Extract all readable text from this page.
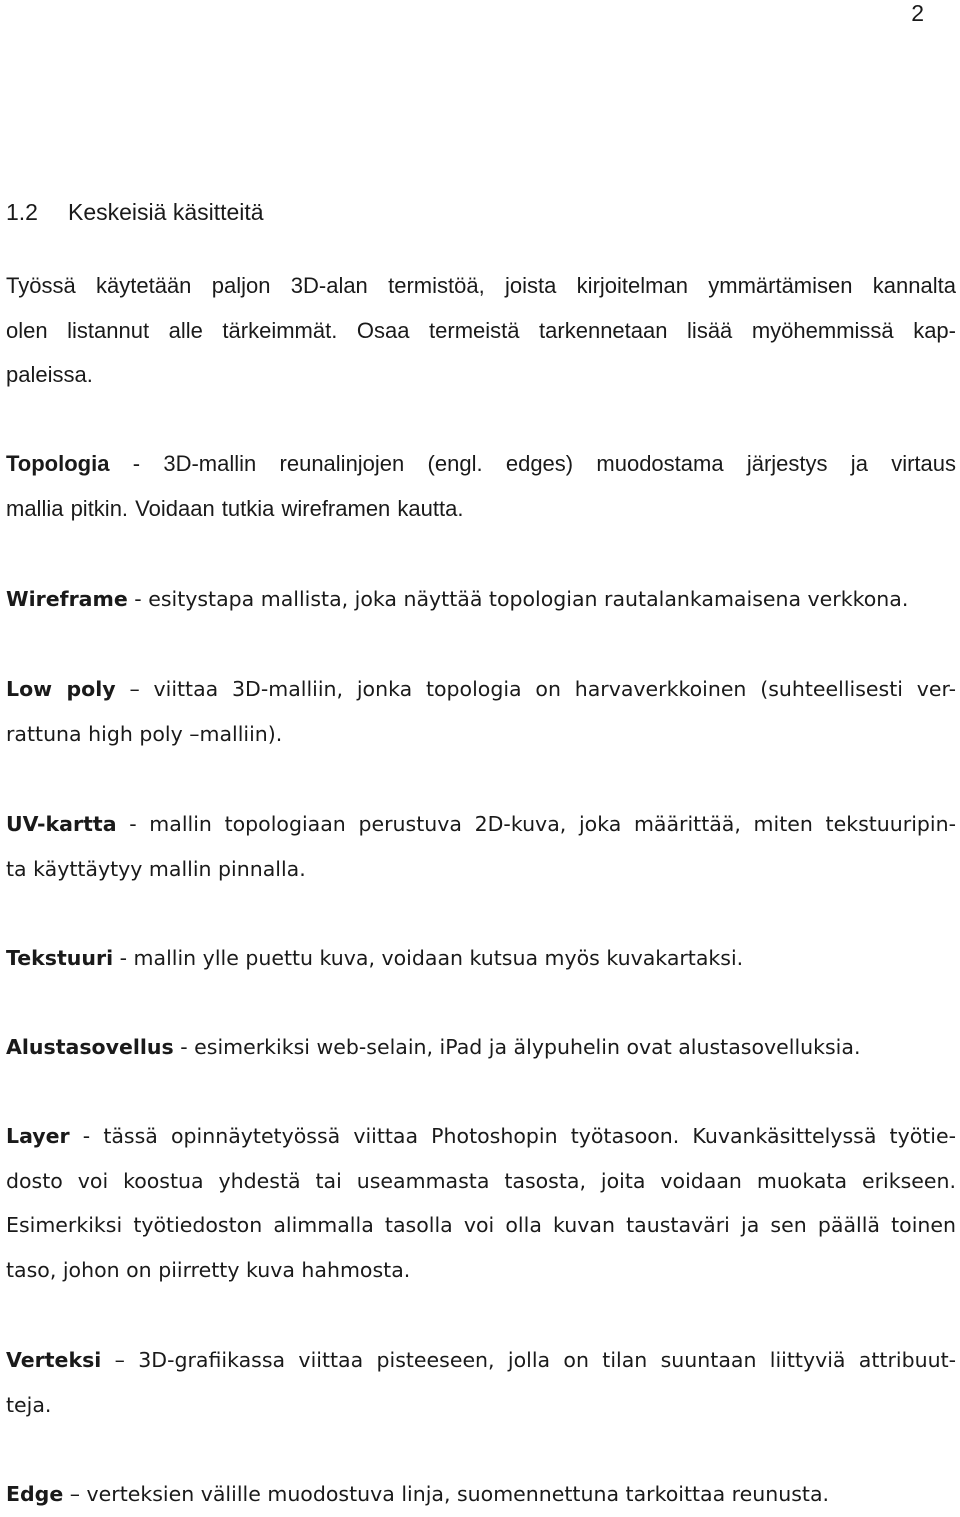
2
1.2 Keskeisiä käsitteitä

Työssä käytetään paljon 3D-alan termistöä, joista kirjoitelman ymmärtämisen kannalta
olen listannut alle tärkeimmät. Osaa termeistä tarkennetaan lisää myöhemmissä kap-
paleissa.

Topologia - 3D-mallin reunalinjojen (engl. edges) muodostama järjestys ja virtaus
mallia pitkin. Voidaan tutkia wireframen kautta.

Wireframe - esitystapa mallista, joka näyttää topologian rautalankamaisena verkkona.

Low poly – viittaa 3D-malliin, jonka topologia on harvaverkkoinen (suhteellisesti ver-
rattuna high poly –malliin).

UV-kartta - mallin topologiaan perustuva 2D-kuva, joka määrittää, miten tekstuuripin-
ta käyttäytyy mallin pinnalla.

Tekstuuri - mallin ylle puettu kuva, voidaan kutsua myös kuvakartaksi.

Alustasovellus - esimerkiksi web-selain, iPad ja älypuhelin ovat alustasovelluksia.

Layer - tässä opinnäytetyössä viittaa Photoshopin työtasoon. Kuvankäsittelyssä työtie-
dosto voi koostua yhdestä tai useammasta tasosta, joita voidaan muokata erikseen.
Esimerkiksi työtiedoston alimmalla tasolla voi olla kuvan taustaväri ja sen päällä toinen
taso, johon on piirretty kuva hahmosta.

Verteksi – 3D-grafiikassa viittaa pisteeseen, jolla on tilan suuntaan liittyviä attribuut-
teja.

Edge – verteksien välille muodostuva linja, suomennettuna tarkoittaa reunusta.
